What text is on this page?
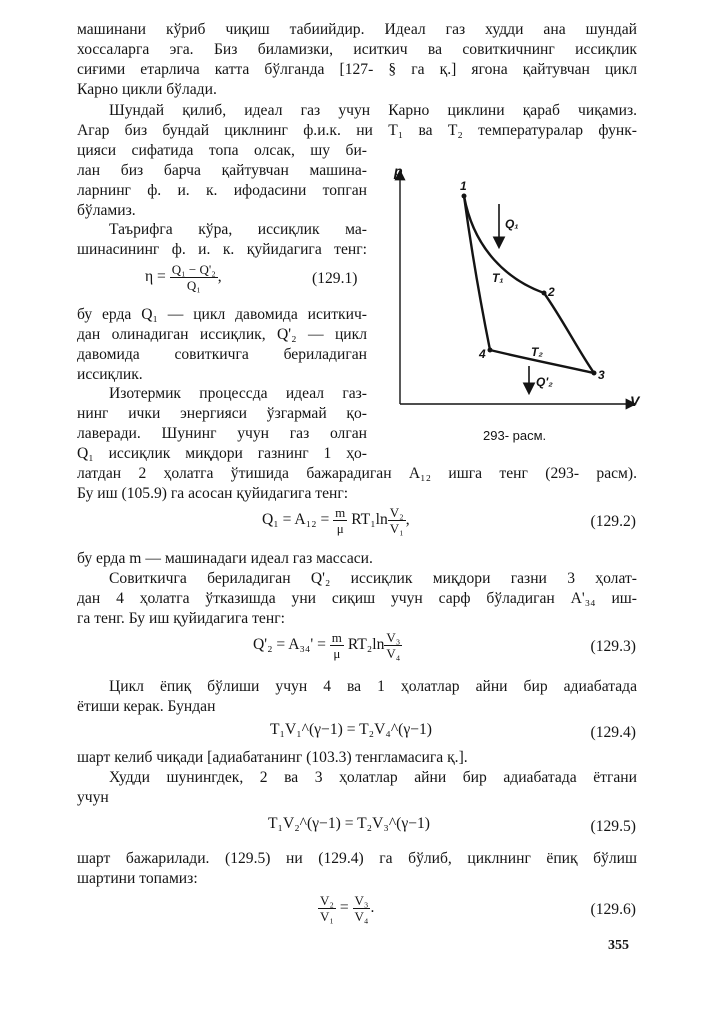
машинани кўриб чиқиш табиийдир. Идеал газ худди ана шундай
хоссаларга эга. Биз биламизки, иситкич ва совиткичнинг иссиқлик
сиғими етарлича катта бўлганда [127- § га қ.] ягона қайтувчан цикл
Карно цикли бўлади.
Шундай қилиб, идеал газ учун Карно циклини қараб чиқамиз.
Агар биз бундай циклнинг ф.и.к. ни T₁ ва T₂ температуралар функ-
цияси сифатида топа олсак, шу би-
лан биз барча қайтувчан машина-
ларнинг ф. и. к. ифодасини топган
бўламиз.
Таърифга кўра, иссиқлик ма-
шинасининг ф. и. к. қуйидагига тенг:
$\eta = \frac{\text{Q₁ − Q'₂}}{\text{Q₁}}$ ,	(129.1)
бу ерда Q₁ — цикл давомида иситкич-
дан олинадиган иссиқлик, Q'₂ — цикл
давомида совиткичга бериладиган
иссиқлик.
Изотермик процессда идеал газ-
нинг ички энергияси ўзгармай қо-
лаверади. Шунинг учун газ олган
Q₁ иссиқлик миқдори газнинг 1 ҳо-
латдан 2 ҳолатга ўтишида бажарадиган A₁₂ ишга тенг (293- расм).
Бу иш (105.9) га асосан қуйидагига тенг:
p
V
1
2
3
4
Q₁
T₁
T₂
Q'₂
293- расм.
$Q_1 = A_{12} = \frac{m}{\mu} RT_1\ln \frac{\text{V₂}}{\text{V₁}}$ ,	(129.2)
бу ерда m — машинадаги идеал газ массаси.
Совиткичга бериладиган Q'₂ иссиқлик миқдори газни 3 ҳолат-
дан 4 ҳолатга ўтказишда уни сиқиш учун сарф бўладиган A'₃₄ иш-
га тенг. Бу иш қуйидагига тенг:
$Q'_2 = A_{34}' = \frac{m}{\mu} RT_2\ln \frac{\text{V₃}}{\text{V₄}}$	(129.3)
Цикл ёпиқ бўлиши учун 4 ва 1 ҳолатлар айни бир адиабатада
ётиши керак. Бундан
T₁V₁^(γ−1) = T₂V₄^(γ−1)	(129.4)
шарт келиб чиқади [адиабатанинг (103.3) тенгламасига қ.].
Худди шунингдек, 2 ва 3 ҳолатлар айни бир адиабатада ётгани
учун
T₁V₂^(γ−1) = T₂V₃^(γ−1)	(129.5)
шарт бажарилади. (129.5) ни (129.4) га бўлиб, циклнинг ёпиқ бўлиш
шартини топамиз:
$\frac{\text{V₂}}{\text{V₁}} = \frac{\text{V₃}}{\text{V₄}}$ .	(129.6)
355
